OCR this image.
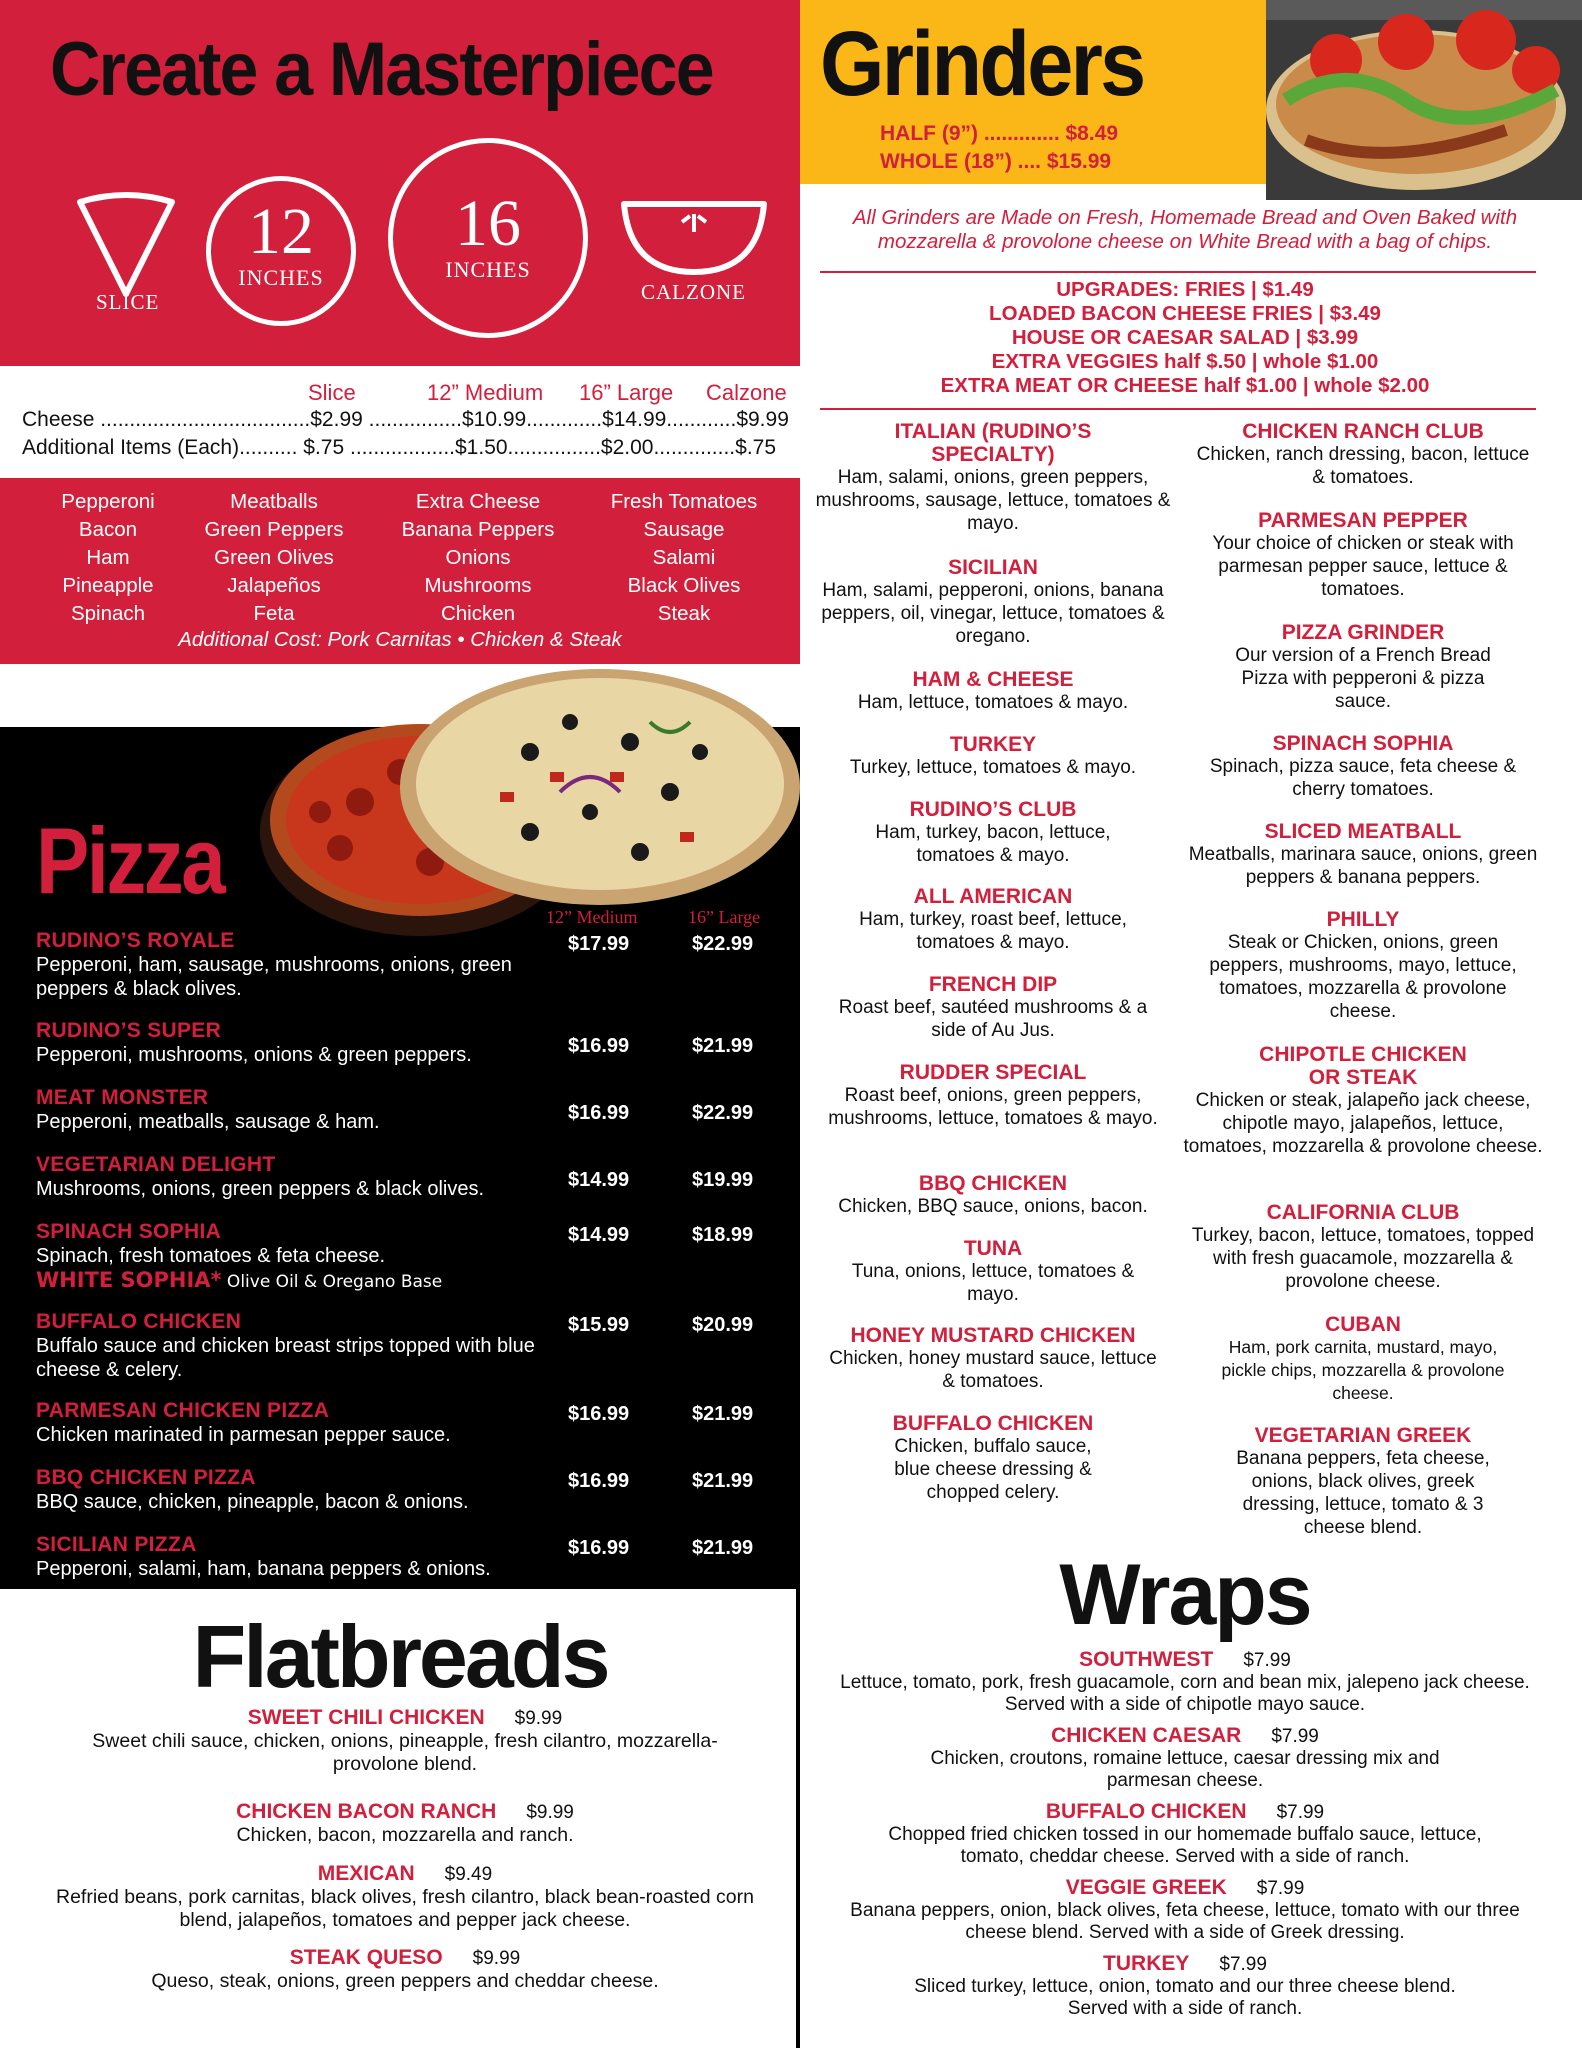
Create a Masterpiece
SLICE
12
INCHES
16
INCHES
CALZONE
Slice	12” Medium 16” Large Calzone
Cheese ....................................$2.99 ................$10.99.............$14.99............$9.99
Additional Items (Each).......... $.75 ..................$1.50................$2.00..............$.75
Pepperoni
Bacon
Ham
Pineapple
Spinach
Meatballs
Green Peppers
Green Olives
Jalapeños
Feta
Extra Cheese
Banana Peppers
Onions
Mushrooms
Chicken
Fresh Tomatoes
Sausage
Salami
Black Olives
Steak
Additional Cost: Pork Carnitas • Chicken & Steak
Pizza
12” Medium	16” Large
RUDINO’S ROYALE
Pepperoni, ham, sausage, mushrooms, onions, green peppers & black olives.
$17.99	$22.99
RUDINO’S SUPER
Pepperoni, mushrooms, onions & green peppers.	$16.99	$21.99
MEAT MONSTER
Pepperoni, meatballs, sausage & ham.	$16.99	$22.99
VEGETARIAN DELIGHT
Mushrooms, onions, green peppers & black olives.	$14.99	$19.99
SPINACH SOPHIA
Spinach, fresh tomatoes & feta cheese.
WHITE SOPHIA* Olive Oil & Oregano Base
$14.99	$18.99
BUFFALO CHICKEN
Buffalo sauce and chicken breast strips topped with blue cheese & celery.
$15.99	$20.99
PARMESAN CHICKEN PIZZA
Chicken marinated in parmesan pepper sauce.
$16.99	$21.99
BBQ CHICKEN PIZZA
BBQ sauce, chicken, pineapple, bacon & onions.
$16.99	$21.99
SICILIAN PIZZA
Pepperoni, salami, ham, banana peppers & onions.
$16.99	$21.99
Flatbreads
SWEET CHILI CHICKEN $9.99
Sweet chili sauce, chicken, onions, pineapple, fresh cilantro, mozzarella-provolone blend.
CHICKEN BACON RANCH $9.99
Chicken, bacon, mozzarella and ranch.
MEXICAN $9.49
Refried beans, pork carnitas, black olives, fresh cilantro, black bean-roasted corn blend, jalapeños, tomatoes and pepper jack cheese.
STEAK QUESO $9.99
Queso, steak, onions, green peppers and cheddar cheese.
Grinders
HALF (9”) ............. $8.49
WHOLE (18”) .... $15.99
All Grinders are Made on Fresh, Homemade Bread and Oven Baked with mozzarella & provolone cheese on White Bread with a bag of chips.
UPGRADES: FRIES | $1.49
LOADED BACON CHEESE FRIES | $3.49
HOUSE OR CAESAR SALAD | $3.99
EXTRA VEGGIES half $.50 | whole $1.00
EXTRA MEAT OR CHEESE half $1.00 | whole $2.00
ITALIAN (RUDINO’S SPECIALTY)
Ham, salami, onions, green peppers, mushrooms, sausage, lettuce, tomatoes & mayo.
SICILIAN
Ham, salami, pepperoni, onions, banana peppers, oil, vinegar, lettuce, tomatoes & oregano.
HAM & CHEESE
Ham, lettuce, tomatoes & mayo.
TURKEY
Turkey, lettuce, tomatoes & mayo.
RUDINO’S CLUB
Ham, turkey, bacon, lettuce, tomatoes & mayo.
ALL AMERICAN
Ham, turkey, roast beef, lettuce, tomatoes & mayo.
FRENCH DIP
Roast beef, sautéed mushrooms & a side of Au Jus.
RUDDER SPECIAL
Roast beef, onions, green peppers, mushrooms, lettuce, tomatoes & mayo.
BBQ CHICKEN
Chicken, BBQ sauce, onions, bacon.
TUNA
Tuna, onions, lettuce, tomatoes & mayo.
HONEY MUSTARD CHICKEN
Chicken, honey mustard sauce, lettuce & tomatoes.
BUFFALO CHICKEN
Chicken, buffalo sauce, blue cheese dressing & chopped celery.
CHICKEN RANCH CLUB
Chicken, ranch dressing, bacon, lettuce & tomatoes.
PARMESAN PEPPER
Your choice of chicken or steak with parmesan pepper sauce, lettuce & tomatoes.
PIZZA GRINDER
Our version of a French Bread Pizza with pepperoni & pizza sauce.
SPINACH SOPHIA
Spinach, pizza sauce, feta cheese & cherry tomatoes.
SLICED MEATBALL
Meatballs, marinara sauce, onions, green peppers & banana peppers.
PHILLY
Steak or Chicken, onions, green peppers, mushrooms, mayo, lettuce, tomatoes, mozzarella & provolone cheese.
CHIPOTLE CHICKEN OR STEAK
Chicken or steak, jalapeño jack cheese, chipotle mayo, jalapeños, lettuce, tomatoes, mozzarella & provolone cheese.
CALIFORNIA CLUB
Turkey, bacon, lettuce, tomatoes, topped with fresh guacamole, mozzarella & provolone cheese.
CUBAN
Ham, pork carnita, mustard, mayo, pickle chips, mozzarella & provolone cheese.
VEGETARIAN GREEK
Banana peppers, feta cheese, onions, black olives, greek dressing, lettuce, tomato & 3 cheese blend.
Wraps
SOUTHWEST $7.99
Lettuce, tomato, pork, fresh guacamole, corn and bean mix, jalepeno jack cheese. Served with a side of chipotle mayo sauce.
CHICKEN CAESAR $7.99
Chicken, croutons, romaine lettuce, caesar dressing mix and parmesan cheese.
BUFFALO CHICKEN $7.99
Chopped fried chicken tossed in our homemade buffalo sauce, lettuce, tomato, cheddar cheese. Served with a side of ranch.
VEGGIE GREEK $7.99
Banana peppers, onion, black olives, feta cheese, lettuce, tomato with our three cheese blend. Served with a side of Greek dressing.
TURKEY $7.99
Sliced turkey, lettuce, onion, tomato and our three cheese blend. Served with a side of ranch.
